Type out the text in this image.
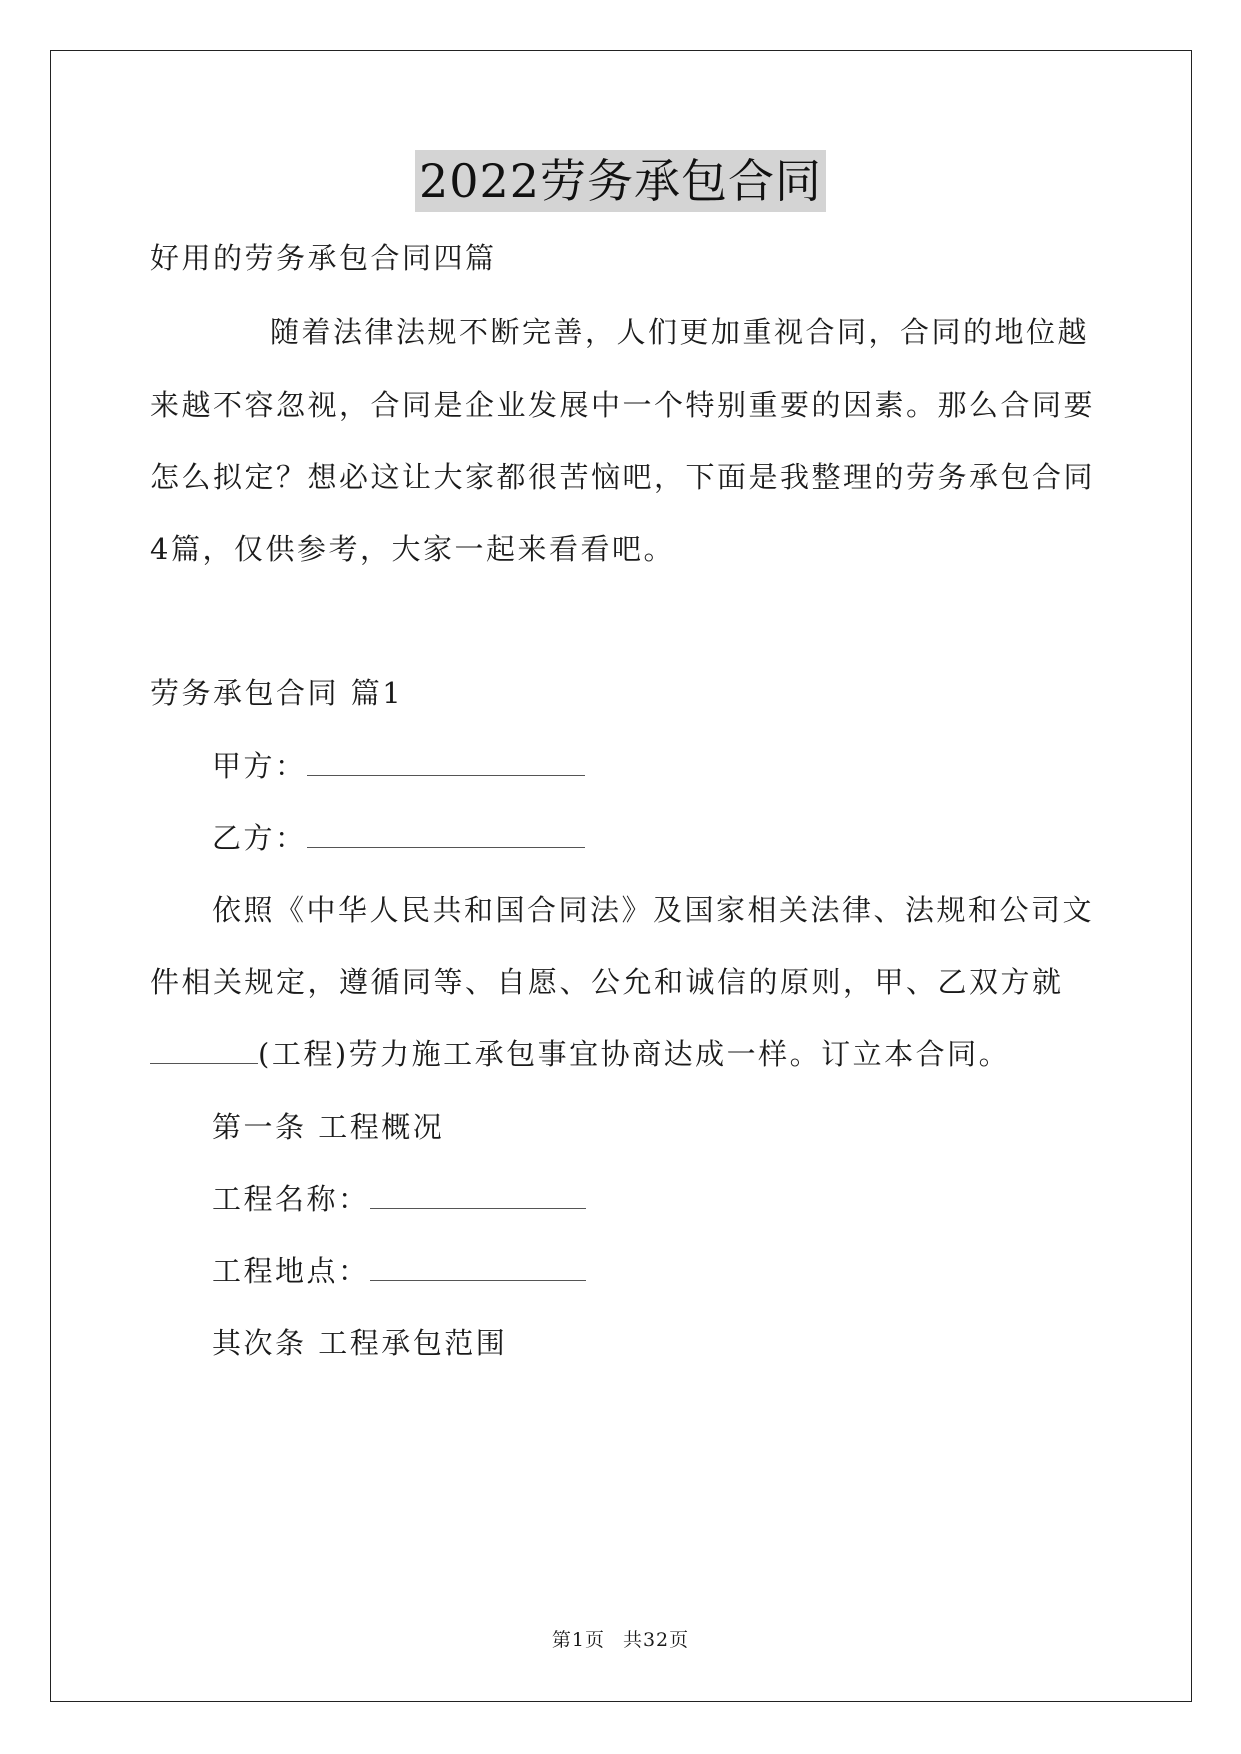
2022劳务承包合同
好用的劳务承包合同四篇
随着法律法规不断完善，人们更加重视合同，合同的地位越
来越不容忽视，合同是企业发展中一个特别重要的因素。那么合同要
怎么拟定？想必这让大家都很苦恼吧，下面是我整理的劳务承包合同
4篇，仅供参考，大家一起来看看吧。
劳务承包合同 篇1
甲方：
乙方：
依照《中华人民共和国合同法》及国家相关法律、法规和公司文
件相关规定，遵循同等、自愿、公允和诚信的原则，甲、乙双方就
(工程)劳力施工承包事宜协商达成一样。订立本合同。
第一条 工程概况
工程名称：
工程地点：
其次条 工程承包范围
第1页 共32页
